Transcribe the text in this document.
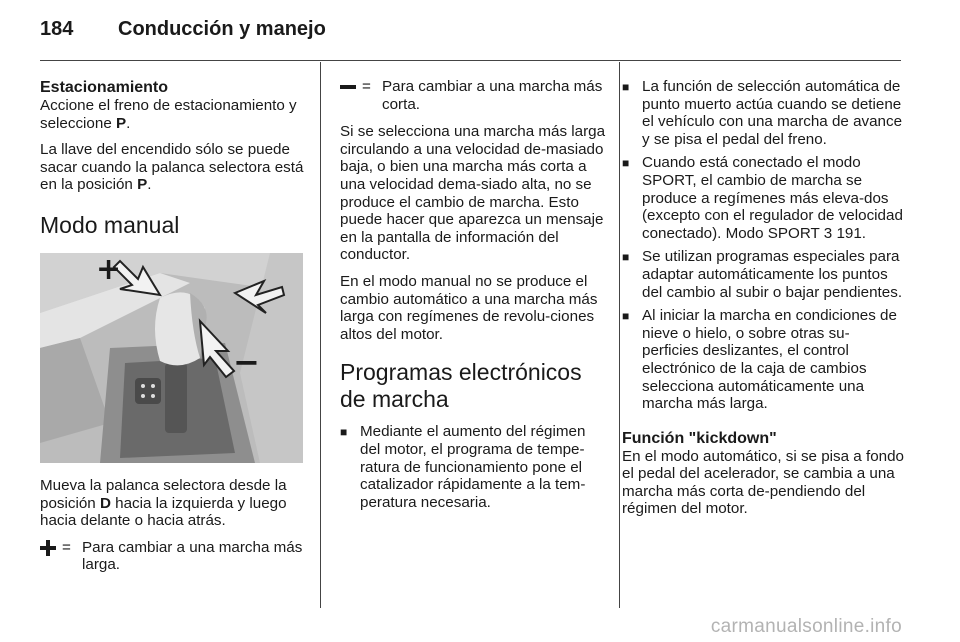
184 Conducción y manejo
Estacionamiento

Accione el freno de estacionamiento y seleccione P.

La llave del encendido sólo se puede sacar cuando la palanca selectora está en la posición P.

Modo manual
+
−

Mueva la palanca selectora desde la posición D hacia la izquierda y luego hacia delante o hacia atrás.

= Para cambiar a una marcha más larga.
= Para cambiar a una marcha más corta.

Si se selecciona una marcha más larga circulando a una velocidad de-masiado baja, o bien una marcha más corta a una velocidad dema-siado alta, no se produce el cambio de marcha. Esto puede hacer que aparezca un mensaje en la pantalla de información del conductor.

En el modo manual no se produce el cambio automático a una marcha más larga con regímenes de revolu-ciones altos del motor.

Programas electrónicos de marcha
■ Mediante el aumento del régimen del motor, el programa de tempe-ratura de funcionamiento pone el catalizador rápidamente a la tem-peratura necesaria.
■ La función de selección automática de punto muerto actúa cuando se detiene el vehículo con una marcha de avance y se pisa el pedal del freno.
■ Cuando está conectado el modo SPORT, el cambio de marcha se produce a regímenes más eleva-dos (excepto con el regulador de velocidad conectado). Modo SPORT 3 191.
■ Se utilizan programas especiales para adaptar automáticamente los puntos del cambio al subir o bajar pendientes.
■ Al iniciar la marcha en condiciones de nieve o hielo, o sobre otras su-perficies deslizantes, el control electrónico de la caja de cambios selecciona automáticamente una marcha más larga.
Función "kickdown"

En el modo automático, si se pisa a fondo el pedal del acelerador, se cambia a una marcha más corta de-pendiendo del régimen del motor.

carmanualsonline.info
